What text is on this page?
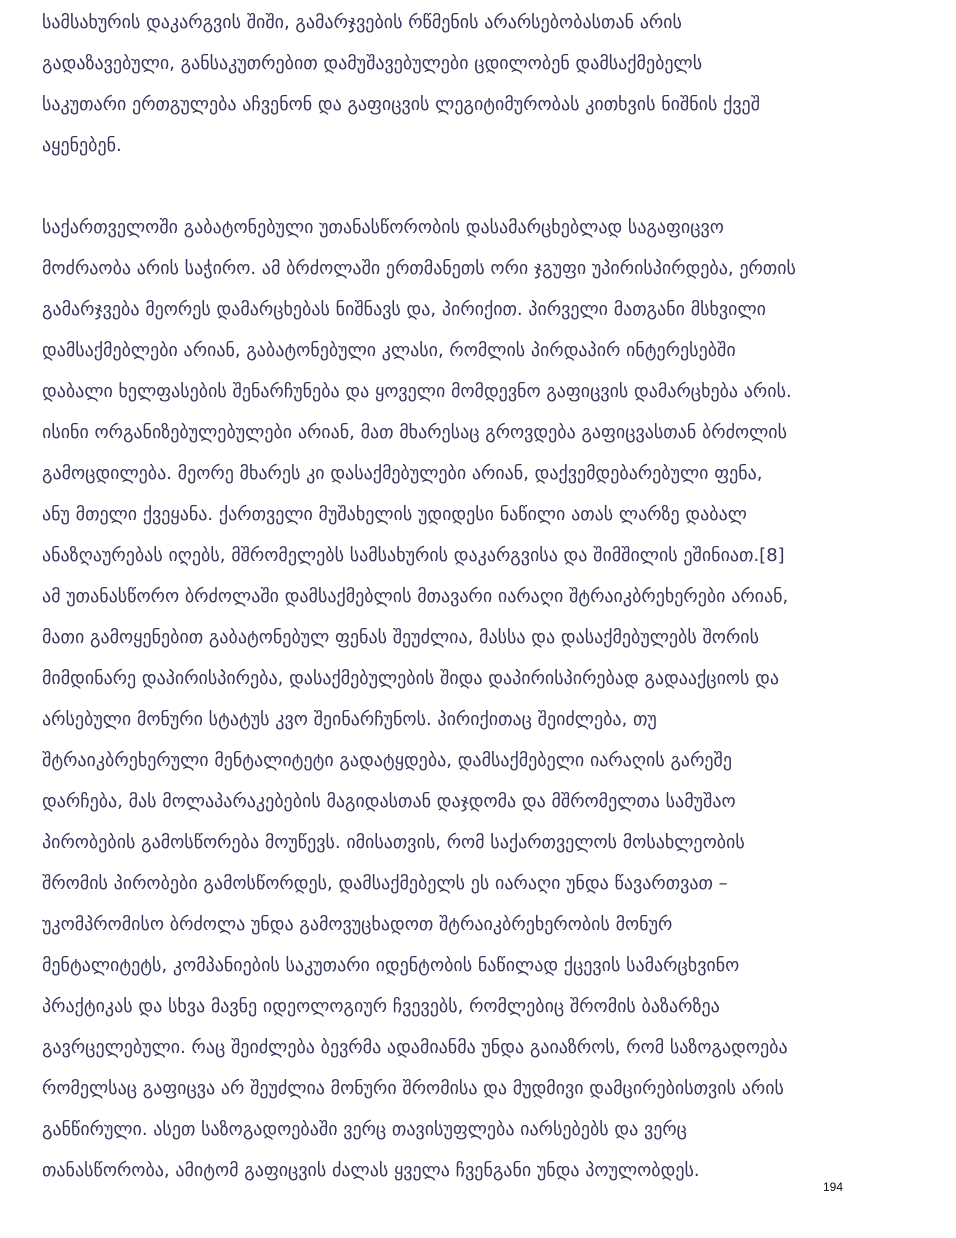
სამსახურის დაკარგვის შიში, გამარჯვების რწმენის არარსებობასთან არის
გადაზავებული, განსაკუთრებით დამუშავებულები ცდილობენ დამსაქმებელს
საკუთარი ერთგულება აჩვენონ და გაფიცვის ლეგიტიმურობას კითხვის ნიშნის ქვეშ
აყენებენ.
საქართველოში გაბატონებული უთანასწორობის დასამარცხებლად საგაფიცვო
მოძრაობა არის საჭირო. ამ ბრძოლაში ერთმანეთს ორი ჯგუფი უპირისპირდება, ერთის
გამარჯვება მეორეს დამარცხებას ნიშნავს და, პირიქით. პირველი მათგანი მსხვილი
დამსაქმებლები არიან, გაბატონებული კლასი, რომლის პირდაპირ ინტერესებში
დაბალი ხელფასების შენარჩუნება და ყოველი მომდევნო გაფიცვის დამარცხება არის.
ისინი ორგანიზებულებულები არიან, მათ მხარესაც გროვდება გაფიცვასთან ბრძოლის
გამოცდილება. მეორე მხარეს კი დასაქმებულები არიან, დაქვემდებარებული ფენა,
ანუ მთელი ქვეყანა. ქართველი მუშახელის უდიდესი ნაწილი ათას ლარზე დაბალ
ანაზღაურებას იღებს, მშრომელებს სამსახურის დაკარგვისა და შიმშილის ეშინიათ.[8]
ამ უთანასწორო ბრძოლაში დამსაქმებლის მთავარი იარაღი შტრაიკბრეხერები არიან,
მათი გამოყენებით გაბატონებულ ფენას შეუძლია, მასსა და დასაქმებულებს შორის
მიმდინარე დაპირისპირება, დასაქმებულების შიდა დაპირისპირებად გადააქციოს და
არსებული მონური სტატუს კვო შეინარჩუნოს. პირიქითაც შეიძლება, თუ
შტრაიკბრეხერული მენტალიტეტი გადატყდება, დამსაქმებელი იარაღის გარეშე
დარჩება, მას მოლაპარაკებების მაგიდასთან დაჯდომა და მშრომელთა სამუშაო
პირობების გამოსწორება მოუწევს. იმისათვის, რომ საქართველოს მოსახლეობის
შრომის პირობები გამოსწორდეს, დამსაქმებელს ეს იარაღი უნდა წავართვათ –
უკომპრომისო ბრძოლა უნდა გამოვუცხადოთ შტრაიკბრეხერობის მონურ
მენტალიტეტს, კომპანიების საკუთარი იდენტობის ნაწილად ქცევის სამარცხვინო
პრაქტიკას და სხვა მავნე იდეოლოგიურ ჩვევებს, რომლებიც შრომის ბაზარზეა
გავრცელებული. რაც შეიძლება ბევრმა ადამიანმა უნდა გაიაზროს, რომ საზოგადოება
რომელსაც გაფიცვა არ შეუძლია მონური შრომისა და მუდმივი დამცირებისთვის არის
განწირული. ასეთ საზოგადოებაში ვერც თავისუფლება იარსებებს და ვერც
თანასწორობა, ამიტომ გაფიცვის ძალას ყველა ჩვენგანი უნდა პოულობდეს.
194
